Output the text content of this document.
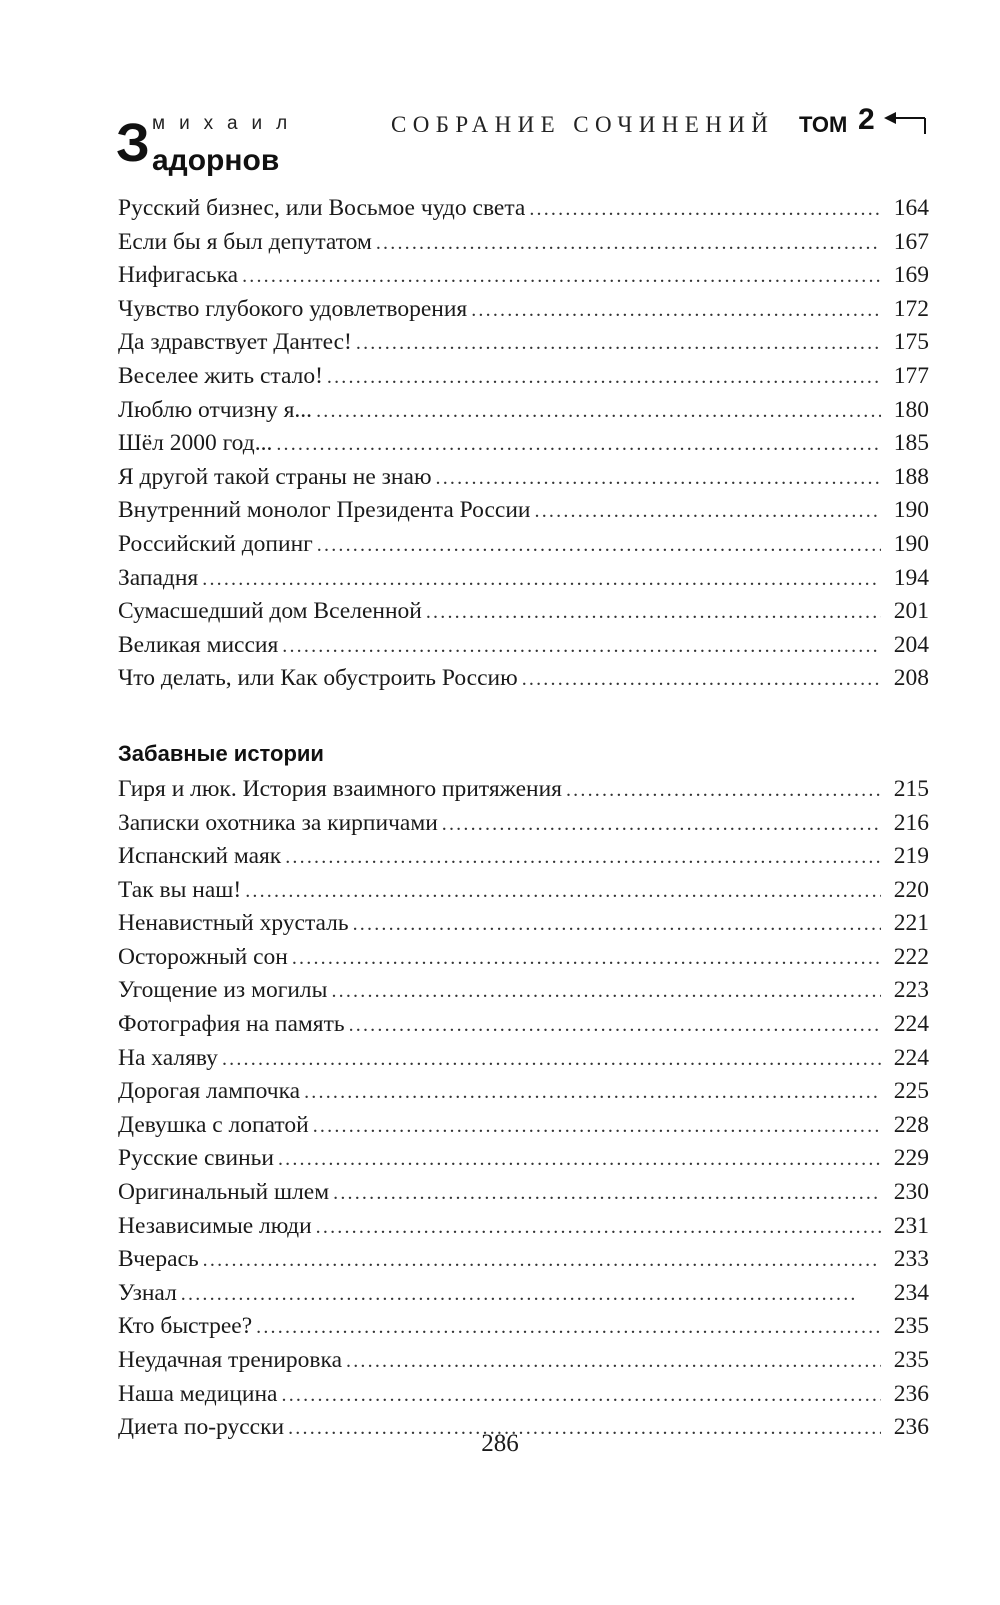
З михаил
адорнов
СОБРАНИЕ СОЧИНЕНИЙ ТОМ 2
Русский бизнес, или Восьмое чудо света . . .	164
Если бы я был депутатом . . .	167
Нифигаська . . .	169
Чувство глубокого удовлетворения . . .	172
Да здравствует Дантес! . . .	175
Веселее жить стало! . . .	177
Люблю отчизну я... . . .	180
Шёл 2000 год... . . .	185
Я другой такой страны не знаю . . .	188
Внутренний монолог Президента России . . .	190
Российский допинг . . .	190
Западня . . .	194
Сумасшедший дом Вселенной . . .	201
Великая миссия . . .	204
Что делать, или Как обустроить Россию . . .	208
Забавные истории
Гиря и люк. История взаимного притяжения . . .	215
Записки охотника за кирпичами . . .	216
Испанский маяк . . .	219
Так вы наш! . . .	220
Ненавистный хрусталь . . .	221
Осторожный сон . . .	222
Угощение из могилы . . .	223
Фотография на память . . .	224
На халяву . . .	224
Дорогая лампочка . . .	225
Девушка с лопатой . . .	228
Русские свиньи . . .	229
Оригинальный шлем . . .	230
Независимые люди . . .	231
Вчерась . . .	233
Узнал . . .	234
Кто быстрее? . . .	235
Неудачная тренировка . . .	235
Наша медицина . . .	236
Диета по-русски . . .	236
286
